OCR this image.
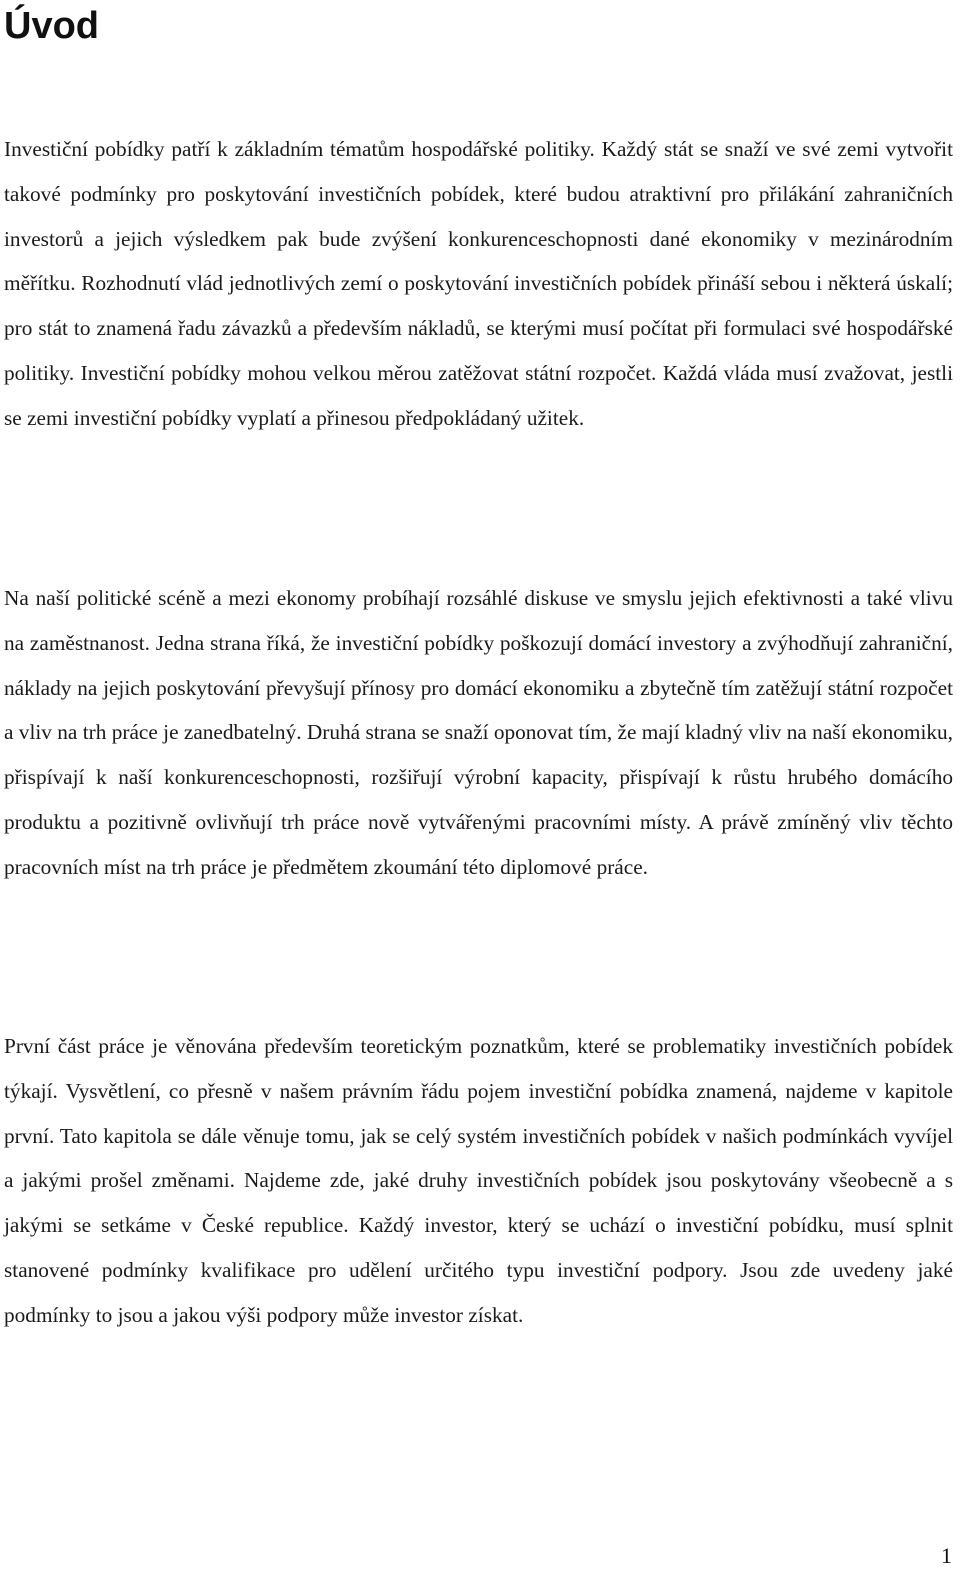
Úvod

Investiční pobídky patří k základním tématům hospodářské politiky. Každý stát se snaží ve své zemi vytvořit takové podmínky pro poskytování investičních pobídek, které budou atraktivní pro přilákání zahraničních investorů a jejich výsledkem pak bude zvýšení konkurenceschopnosti dané ekonomiky v mezinárodním měřítku. Rozhodnutí vlád jednotlivých zemí o poskytování investičních pobídek přináší sebou i některá úskalí; pro stát to znamená řadu závazků a především nákladů, se kterými musí počítat při formulaci své hospodářské politiky. Investiční pobídky mohou velkou měrou zatěžovat státní rozpočet. Každá vláda musí zvažovat, jestli se zemi investiční pobídky vyplatí a přinesou předpokládaný užitek.

Na naší politické scéně a mezi ekonomy probíhají rozsáhlé diskuse ve smyslu jejich efektivnosti a také vlivu na zaměstnanost. Jedna strana říká, že investiční pobídky poškozují domácí investory a zvýhodňují zahraniční, náklady na jejich poskytování převyšují přínosy pro domácí ekonomiku a zbytečně tím zatěžují státní rozpočet a vliv na trh práce je zanedbatelný. Druhá strana se snaží oponovat tím, že mají kladný vliv na naší ekonomiku, přispívají k naší konkurenceschopnosti, rozšiřují výrobní kapacity, přispívají k růstu hrubého domácího produktu a pozitivně ovlivňují trh práce nově vytvářenými pracovními místy. A právě zmíněný vliv těchto pracovních míst na trh práce je předmětem zkoumání této diplomové práce.

První část práce je věnována především teoretickým poznatkům, které se problematiky investičních pobídek týkají. Vysvětlení, co přesně v našem právním řádu pojem investiční pobídka znamená, najdeme v kapitole první. Tato kapitola se dále věnuje tomu, jak se celý systém investičních pobídek v našich podmínkách vyvíjel a jakými prošel změnami. Najdeme zde, jaké druhy investičních pobídek jsou poskytovány všeobecně a s jakými se setkáme v České republice. Každý investor, který se uchází o investiční pobídku, musí splnit stanovené podmínky kvalifikace pro udělení určitého typu investiční podpory. Jsou zde uvedeny jaké podmínky to jsou a jakou výši podpory může investor získat.

1
